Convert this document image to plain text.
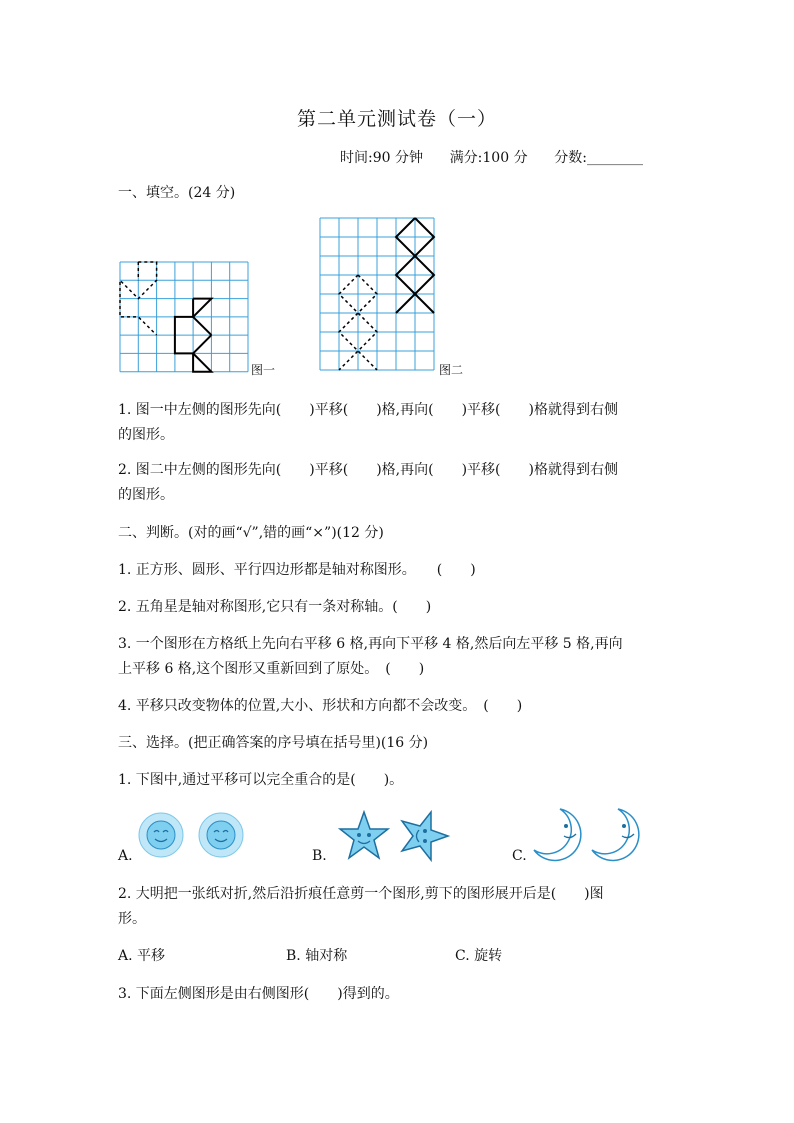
第二单元测试卷（一）
时间:90 分钟 满分:100 分 分数:________
一、填空。(24 分)
图一	图二
1. 图一中左侧的图形先向(　　)平移(　　)格,再向(　　)平移(　　)格就得到右侧
的图形。
2. 图二中左侧的图形先向(　　)平移(　　)格,再向(　　)平移(　　)格就得到右侧
的图形。
二、判断。(对的画“√”,错的画“×”)(12 分)
1. 正方形、圆形、平行四边形都是轴对称图形。　　(　　)
2. 五角星是轴对称图形,它只有一条对称轴。(　　)
3. 一个图形在方格纸上先向右平移 6 格,再向下平移 4 格,然后向左平移 5 格,再向
上平移 6 格,这个图形又重新回到了原处。　(　　)
4. 平移只改变物体的位置,大小、形状和方向都不会改变。　(　　)
三、选择。(把正确答案的序号填在括号里)(16 分)
1. 下图中,通过平移可以完全重合的是(　　)。
A.	B.	C.
2. 大明把一张纸对折,然后沿折痕任意剪一个图形,剪下的图形展开后是(　　)图
形。
A. 平移	B. 轴对称	C. 旋转
3. 下面左侧图形是由右侧图形(　　)得到的。
